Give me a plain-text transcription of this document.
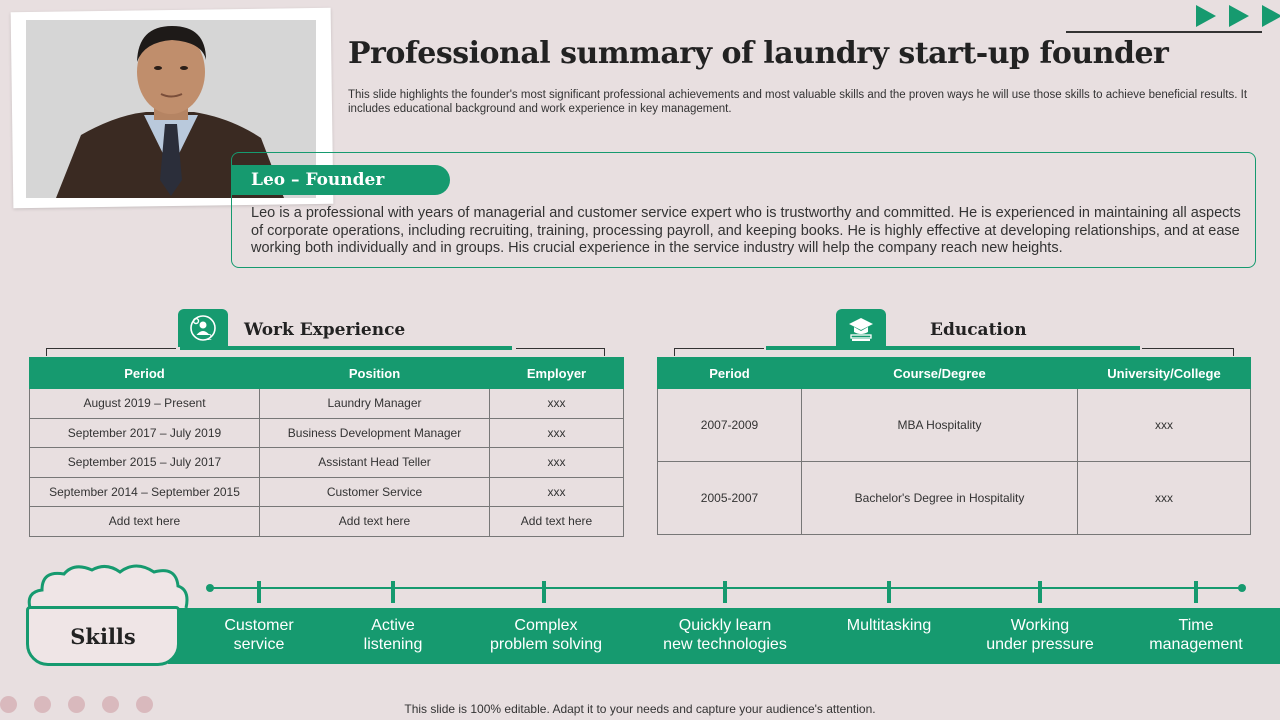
Professional summary of laundry start-up founder
This slide highlights the founder's most significant professional achievements and most valuable skills and the proven ways he will use those skills to achieve beneficial results. It includes educational background and work experience in key management.
Leo – Founder
Leo is a professional with years of managerial and customer service expert who is trustworthy and committed. He is experienced in maintaining all aspects of corporate operations, including recruiting, training, processing payroll, and keeping books. He is highly effective at developing relationships, and at ease working both individually and in groups. His crucial experience in the service industry will help the company reach new heights.
2 Work Experience
Period	Position	Employer
August 2019 – Present	Laundry Manager	xxx
September 2017 – July 2019	Business Development Manager	xxx
September 2015 – July 2017	Assistant Head Teller	xxx
September 2014 – September 2015	Customer Service	xxx
Add text here	Add text here	Add text here
Education
Period	Course/Degree	University/College
2007-2009	MBA Hospitality	xxx
2005-2007	Bachelor's Degree in Hospitality	xxx
Skills	Customer
service
Active
listening
Complex
problem solving
Quickly learn
new technologies
Multitasking	Working
under pressure
Time
management
This slide is 100% editable. Adapt it to your needs and capture your audience's attention.
